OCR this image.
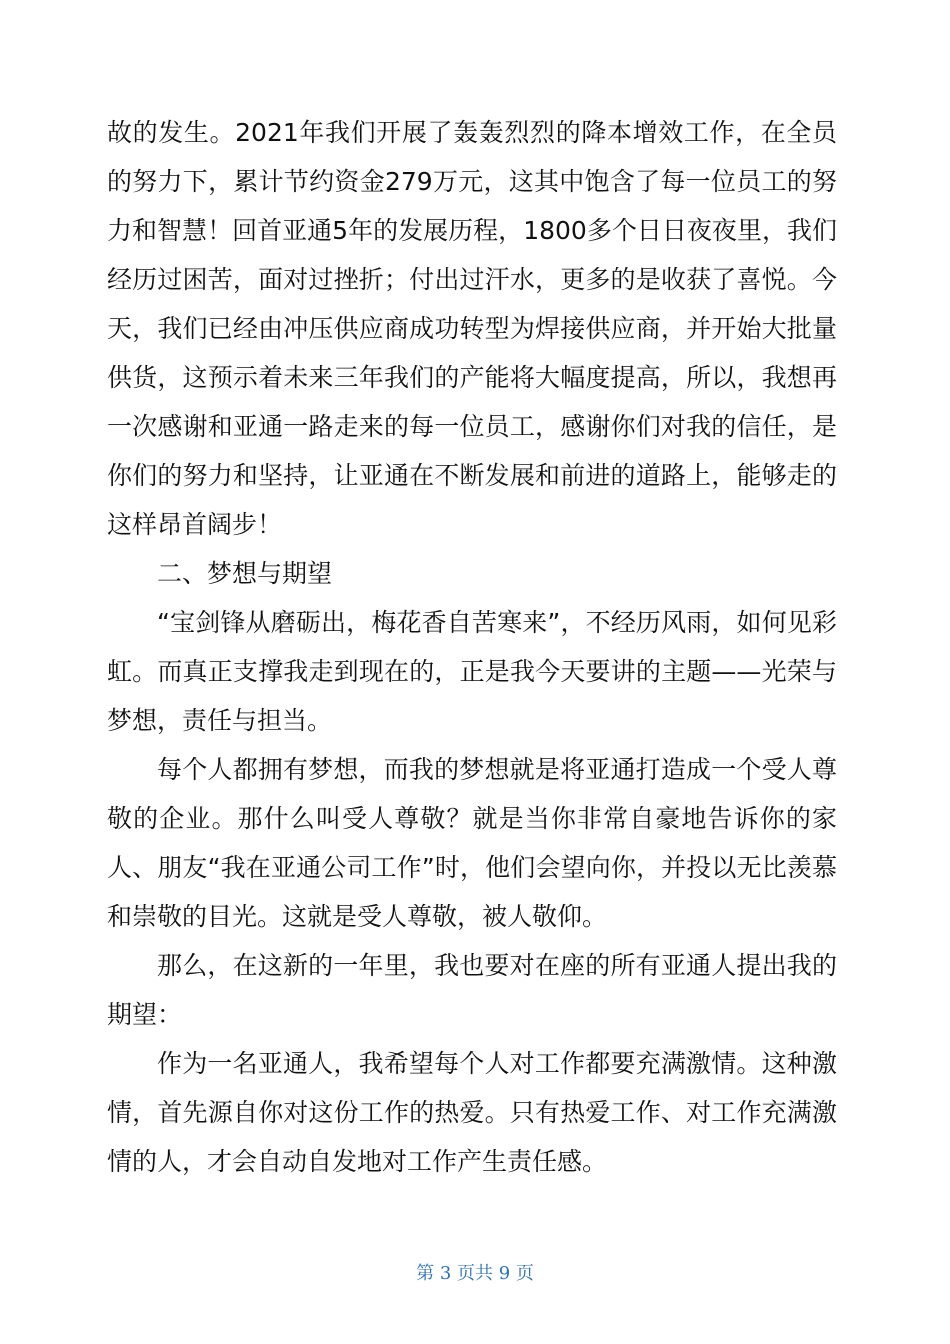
故的发生。2021年我们开展了轰轰烈烈的降本增效工作，在全员的努力下，累计节约资金279万元，这其中饱含了每一位员工的努力和智慧！回首亚通5年的发展历程，1800多个日日夜夜里，我们经历过困苦，面对过挫折；付出过汗水，更多的是收获了喜悦。今天，我们已经由冲压供应商成功转型为焊接供应商，并开始大批量供货，这预示着未来三年我们的产能将大幅度提高，所以，我想再一次感谢和亚通一路走来的每一位员工，感谢你们对我的信任，是你们的努力和坚持，让亚通在不断发展和前进的道路上，能够走的这样昂首阔步！

二、梦想与期望

“宝剑锋从磨砺出，梅花香自苦寒来”，不经历风雨，如何见彩虹。而真正支撑我走到现在的，正是我今天要讲的主题——光荣与梦想，责任与担当。

每个人都拥有梦想，而我的梦想就是将亚通打造成一个受人尊敬的企业。那什么叫受人尊敬？就是当你非常自豪地告诉你的家人、朋友“我在亚通公司工作”时，他们会望向你，并投以无比羡慕和崇敬的目光。这就是受人尊敬，被人敬仰。

那么，在这新的一年里，我也要对在座的所有亚通人提出我的期望：

作为一名亚通人，我希望每个人对工作都要充满激情。这种激情，首先源自你对这份工作的热爱。只有热爱工作、对工作充满激情的人，才会自动自发地对工作产生责任感。

第 3 页共 9 页
